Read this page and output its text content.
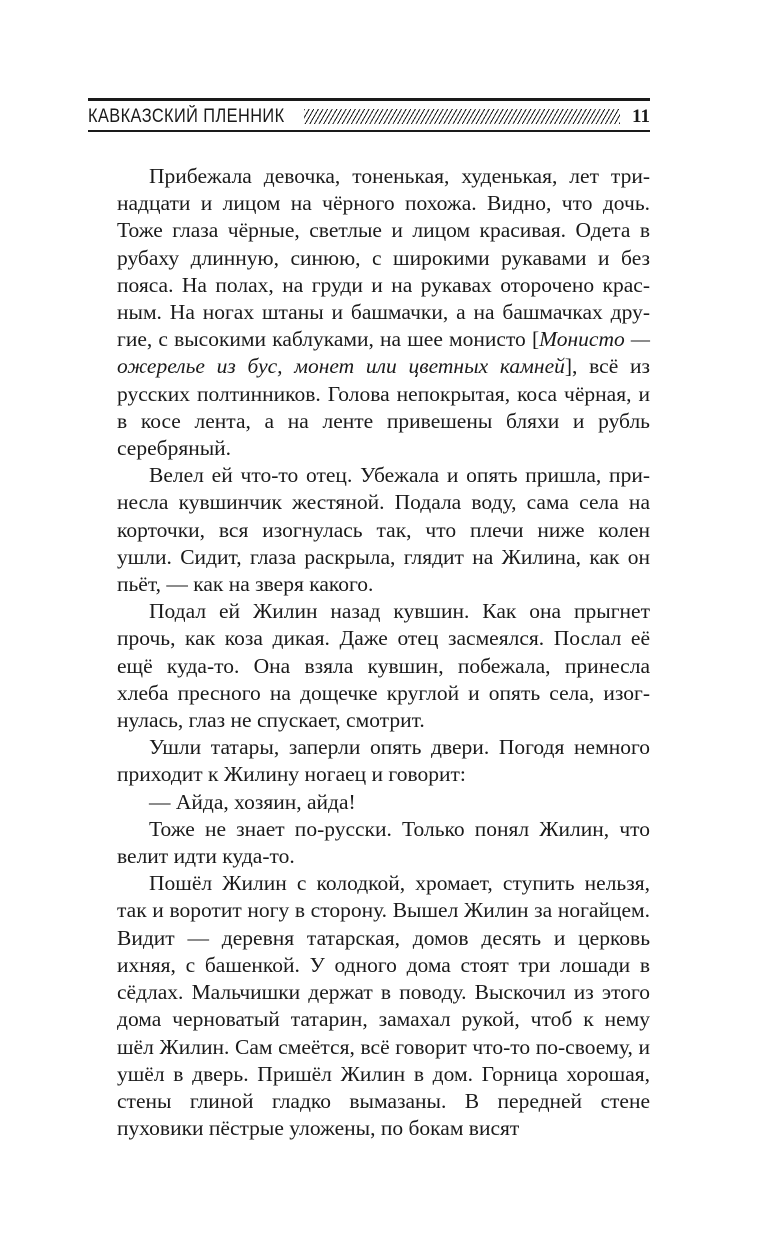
КАВКАЗСКИЙ ПЛЕННИК	11

Прибежала девочка, тоненькая, худенькая, лет тринадцати и лицом на чёрного похожа. Видно, что дочь. Тоже глаза чёрные, светлые и лицом красивая. Одета в рубаху длинную, синюю, с широкими рукавами и без пояса. На полах, на груди и на рукавах оторочено красным. На ногах штаны и башмачки, а на башмачках другие, с высокими каблуками, на шее монисто [Монисто — ожерелье из бус, монет или цветных камней], всё из русских полтинников. Голова непокрытая, коса чёрная, и в косе лента, а на ленте привешены бляхи и рубль серебряный.

Велел ей что-то отец. Убежала и опять пришла, принесла кувшинчик жестяной. Подала воду, сама села на корточки, вся изогнулась так, что плечи ниже колен ушли. Сидит, глаза раскрыла, глядит на Жилина, как он пьёт, — как на зверя какого.

Подал ей Жилин назад кувшин. Как она прыгнет прочь, как коза дикая. Даже отец засмеялся. Послал её ещё куда-то. Она взяла кувшин, побежала, принесла хлеба пресного на дощечке круглой и опять села, изогнулась, глаз не спускает, смотрит.

Ушли татары, заперли опять двери. Погодя немного приходит к Жилину ногаец и говорит:

— Айда, хозяин, айда!

Тоже не знает по-русски. Только понял Жилин, что велит идти куда-то.

Пошёл Жилин с колодкой, хромает, ступить нельзя, так и воротит ногу в сторону. Вышел Жилин за ногайцем. Видит — деревня татарская, домов десять и церковь ихняя, с башенкой. У одного дома стоят три лошади в сёдлах. Мальчишки держат в поводу. Выскочил из этого дома черноватый татарин, замахал рукой, чтоб к нему шёл Жилин. Сам смеётся, всё говорит что-то по-своему, и ушёл в дверь. Пришёл Жилин в дом. Горница хорошая, стены глиной гладко вымазаны. В передней стене пуховики пёстрые уложены, по бокам висят
